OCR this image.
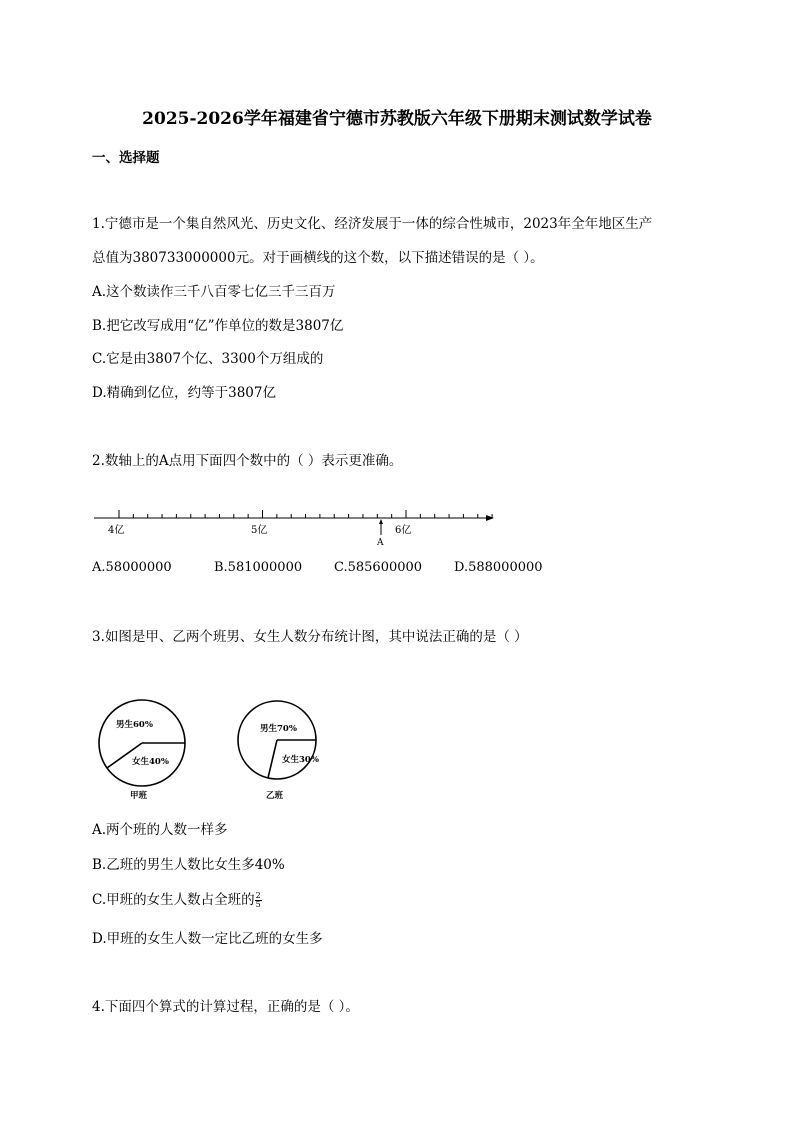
2025-2026学年福建省宁德市苏教版六年级下册期末测试数学试卷
一、选择题
1.宁德市是一个集自然风光、历史文化、经济发展于一体的综合性城市，2023年全年地区生产
总值为380733000000元。对于画横线的这个数，以下描述错误的是（ ）。
A.这个数读作三千八百零七亿三千三百万
B.把它改写成用“亿”作单位的数是3807亿
C.它是由3807个亿、3300个万组成的
D.精确到亿位，约等于3807亿
2.数轴上的A点用下面四个数中的（ ）表示更准确。
4亿	5亿	6亿
A
A.58000000	B.581000000 C.585600000 D.588000000
3.如图是甲、乙两个班男、女生人数分布统计图，其中说法正确的是（ ）
男生60%
女生40%
甲班
男生70%
女生30%
乙班
A.两个班的人数一样多
B.乙班的男生人数比女生多40%
C.甲班的女生人数占全班的 $\frac{2}{5}$
D.甲班的女生人数一定比乙班的女生多
4.下面四个算式的计算过程，正确的是（ ）。
